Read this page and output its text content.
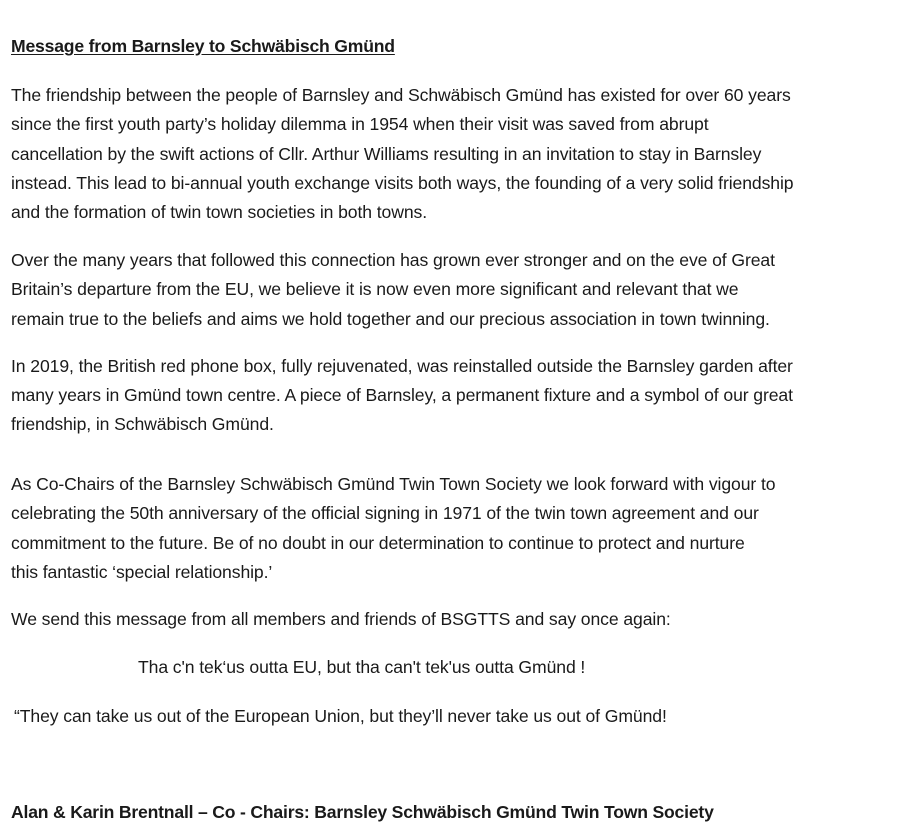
Message from Barnsley to Schwäbisch Gmünd
The friendship between the people of Barnsley and Schwäbisch Gmünd has existed for over 60 years
since the first youth party’s holiday dilemma in 1954 when their visit was saved from abrupt
cancellation by the swift actions of Cllr. Arthur Williams resulting in an invitation to stay in Barnsley
instead. This lead to bi-annual youth exchange visits both ways, the founding of a very solid friendship
and the formation of twin town societies in both towns.
Over the many years that followed this connection has grown ever stronger and on the eve of Great
Britain’s departure from the EU, we believe it is now even more significant and relevant that we
remain true to the beliefs and aims we hold together and our precious association in town twinning.
In 2019, the British red phone box, fully rejuvenated, was reinstalled outside the Barnsley garden after
many years in Gmünd town centre. A piece of Barnsley, a permanent fixture and a symbol of our great
friendship, in Schwäbisch Gmünd.
As Co-Chairs of the Barnsley Schwäbisch Gmünd Twin Town Society we look forward with vigour to
celebrating the 50th anniversary of the official signing in 1971 of the twin town agreement and our
commitment to the future. Be of no doubt in our determination to continue to protect and nurture
this fantastic ‘special relationship.’
We send this message from all members and friends of BSGTTS and say once again:
Tha c'n tek‘us outta EU, but tha can't tek'us outta Gmünd !
“They can take us out of the European Union, but they’ll never take us out of Gmünd!
Alan & Karin Brentnall – Co - Chairs: Barnsley Schwäbisch Gmünd Twin Town Society
